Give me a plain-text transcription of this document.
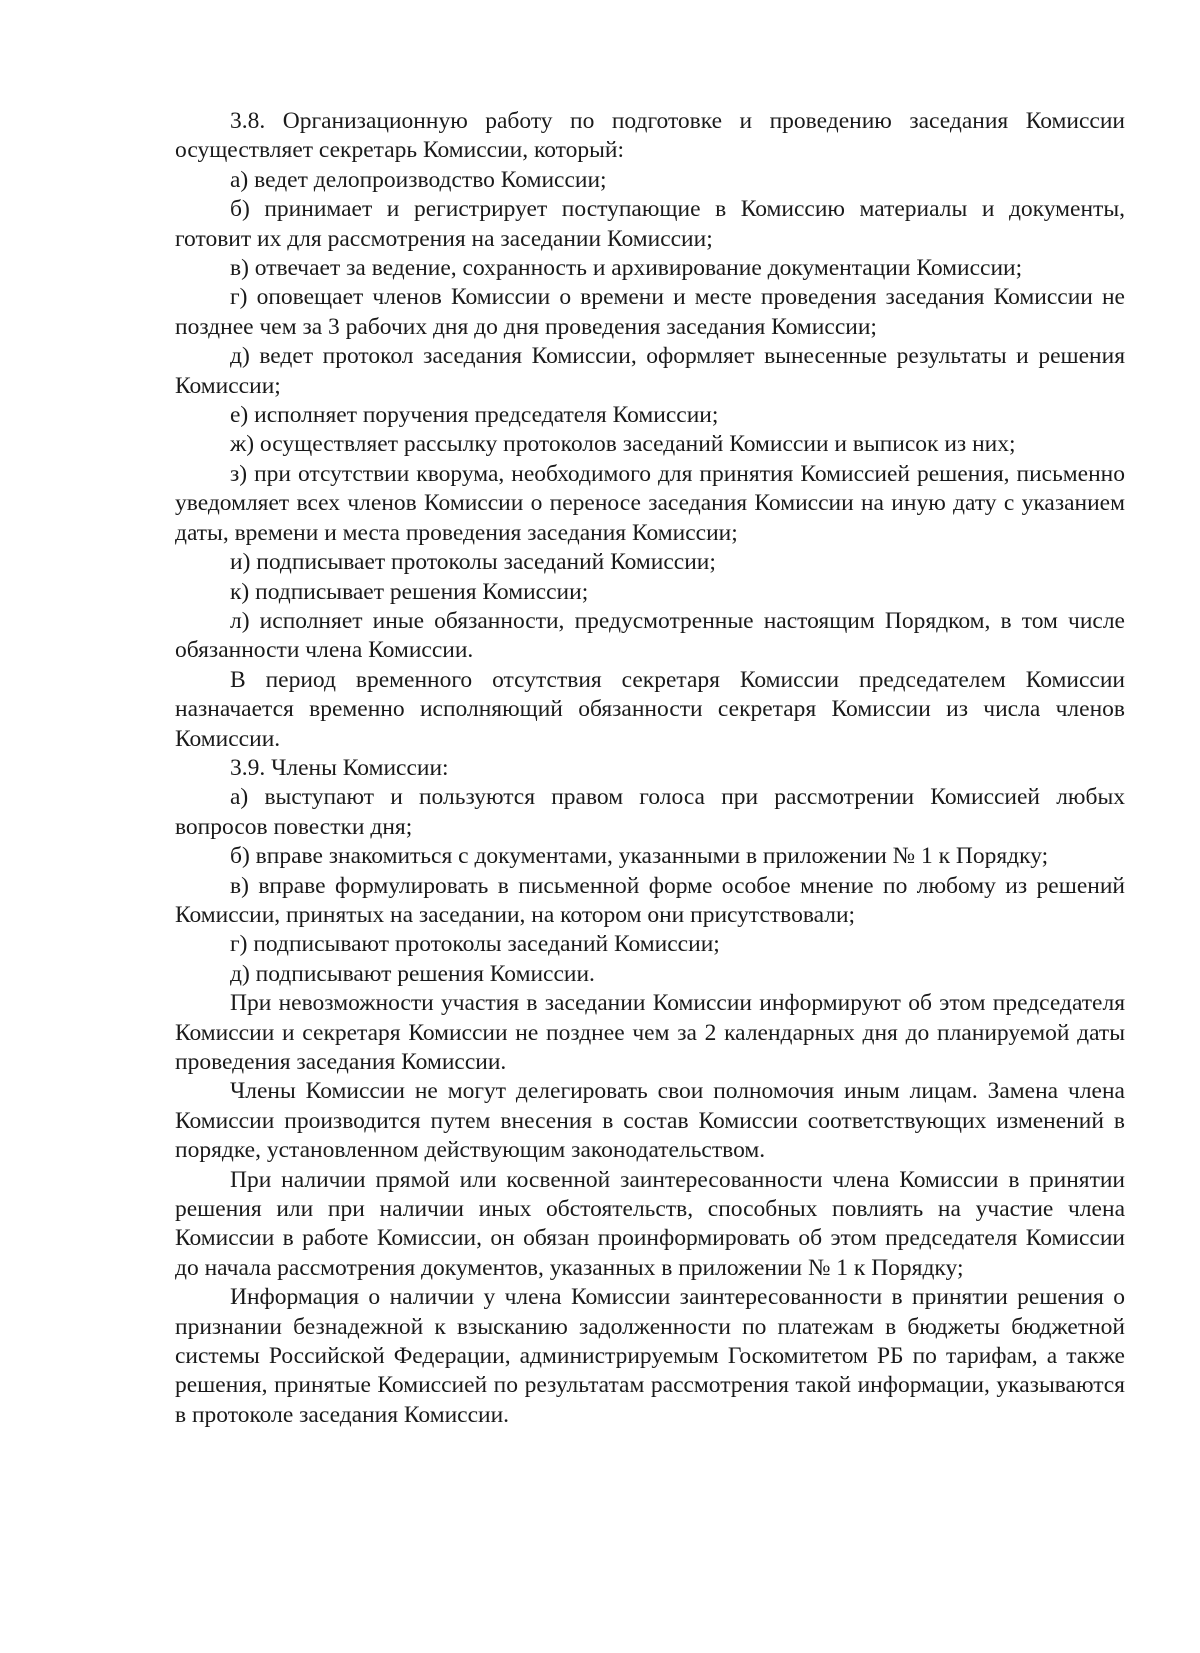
3.8. Организационную работу по подготовке и проведению заседания Комиссии осуществляет секретарь Комиссии, который:

а) ведет делопроизводство Комиссии;

б) принимает и регистрирует поступающие в Комиссию материалы и документы, готовит их для рассмотрения на заседании Комиссии;

в) отвечает за ведение, сохранность и архивирование документации Комиссии;

г) оповещает членов Комиссии о времени и месте проведения заседания Комиссии не позднее чем за 3 рабочих дня до дня проведения заседания Комиссии;

д) ведет протокол заседания Комиссии, оформляет вынесенные результаты и решения Комиссии;

е) исполняет поручения председателя Комиссии;

ж) осуществляет рассылку протоколов заседаний Комиссии и выписок из них;

з) при отсутствии кворума, необходимого для принятия Комиссией решения, письменно уведомляет всех членов Комиссии о переносе заседания Комиссии на иную дату с указанием даты, времени и места проведения заседания Комиссии;

и) подписывает протоколы заседаний Комиссии;

к) подписывает решения Комиссии;

л) исполняет иные обязанности, предусмотренные настоящим Порядком, в том числе обязанности члена Комиссии.

В период временного отсутствия секретаря Комиссии председателем Комиссии назначается временно исполняющий обязанности секретаря Комиссии из числа членов Комиссии.

3.9. Члены Комиссии:

а) выступают и пользуются правом голоса при рассмотрении Комиссией любых вопросов повестки дня;

б) вправе знакомиться с документами, указанными в приложении № 1 к Порядку;

в) вправе формулировать в письменной форме особое мнение по любому из решений Комиссии, принятых на заседании, на котором они присутствовали;

г) подписывают протоколы заседаний Комиссии;

д) подписывают решения Комиссии.

При невозможности участия в заседании Комиссии информируют об этом председателя Комиссии и секретаря Комиссии не позднее чем за 2 календарных дня до планируемой даты проведения заседания Комиссии.

Члены Комиссии не могут делегировать свои полномочия иным лицам. Замена члена Комиссии производится путем внесения в состав Комиссии соответствующих изменений в порядке, установленном действующим законодательством.

При наличии прямой или косвенной заинтересованности члена Комиссии в принятии решения или при наличии иных обстоятельств, способных повлиять на участие члена Комиссии в работе Комиссии, он обязан проинформировать об этом председателя Комиссии до начала рассмотрения документов, указанных в приложении № 1 к Порядку;

Информация о наличии у члена Комиссии заинтересованности в принятии решения о признании безнадежной к взысканию задолженности по платежам в бюджеты бюджетной системы Российской Федерации, администрируемым Госкомитетом РБ по тарифам, а также решения, принятые Комиссией по результатам рассмотрения такой информации, указываются в протоколе заседания Комиссии.
